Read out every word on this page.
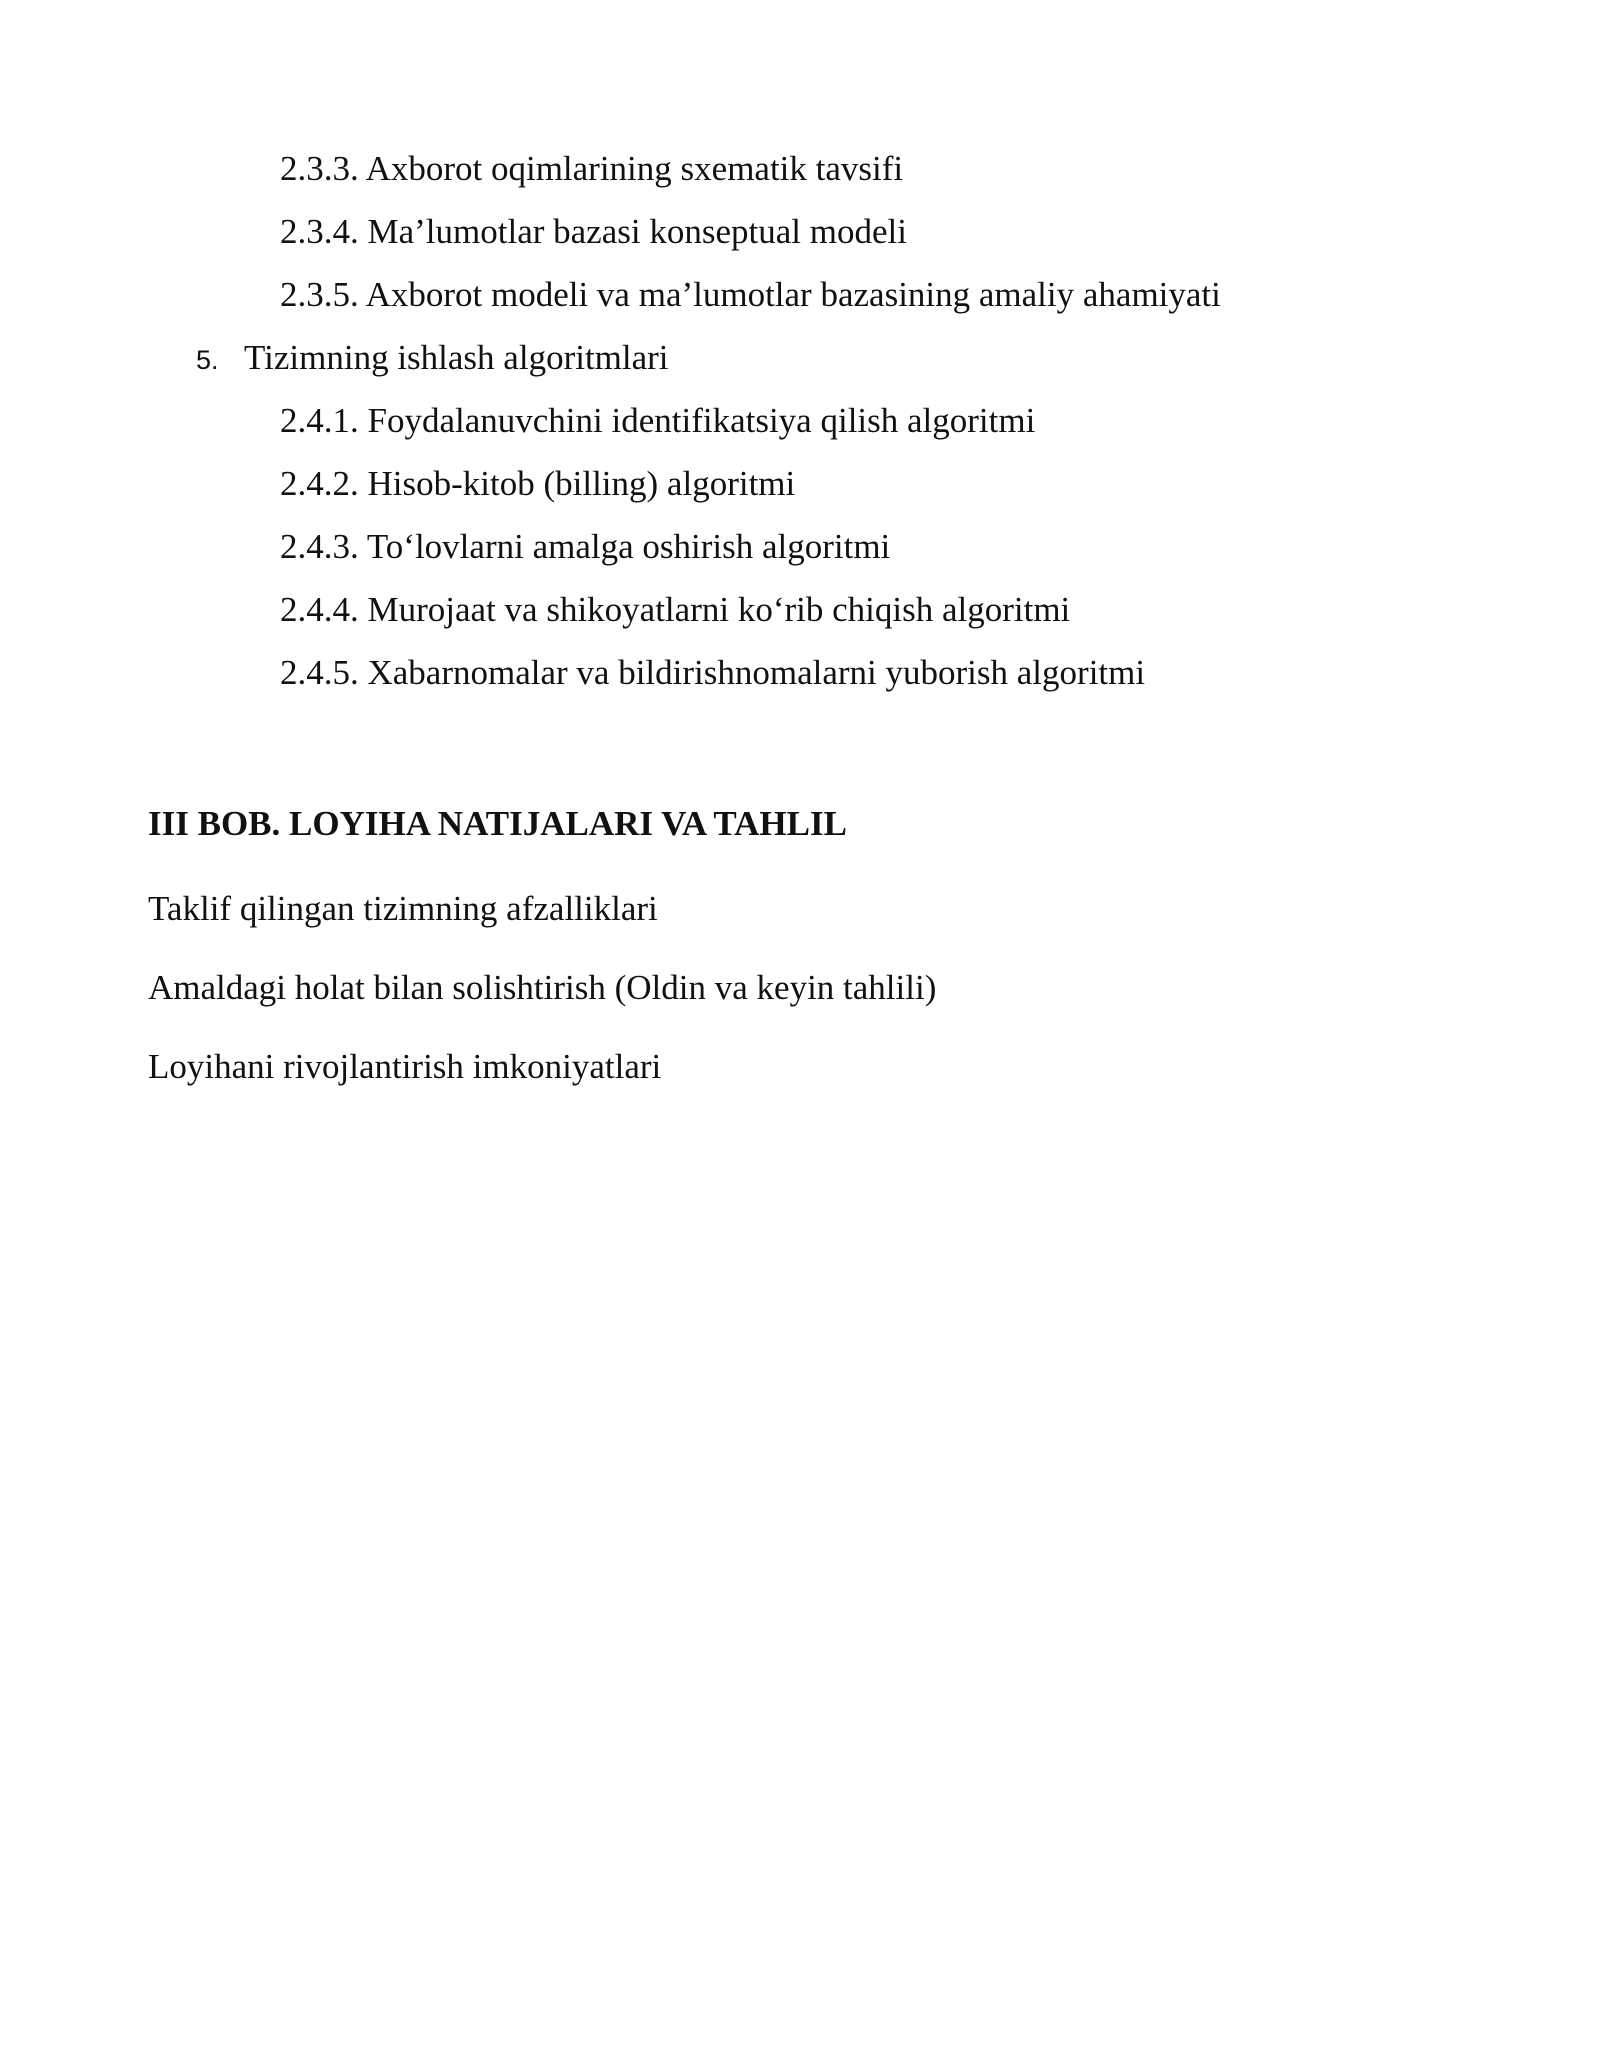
2.3.3. Axborot oqimlarining sxematik tavsifi
2.3.4. Ma’lumotlar bazasi konseptual modeli
2.3.5. Axborot modeli va ma’lumotlar bazasining amaliy ahamiyati
5. Tizimning ishlash algoritmlari
2.4.1. Foydalanuvchini identifikatsiya qilish algoritmi
2.4.2. Hisob-kitob (billing) algoritmi
2.4.3. To‘lovlarni amalga oshirish algoritmi
2.4.4. Murojaat va shikoyatlarni ko‘rib chiqish algoritmi
2.4.5. Xabarnomalar va bildirishnomalarni yuborish algoritmi
III BOB. LOYIHA NATIJALARI VA TAHLIL
Taklif qilingan tizimning afzalliklari
Amaldagi holat bilan solishtirish (Oldin va keyin tahlili)
Loyihani rivojlantirish imkoniyatlari
